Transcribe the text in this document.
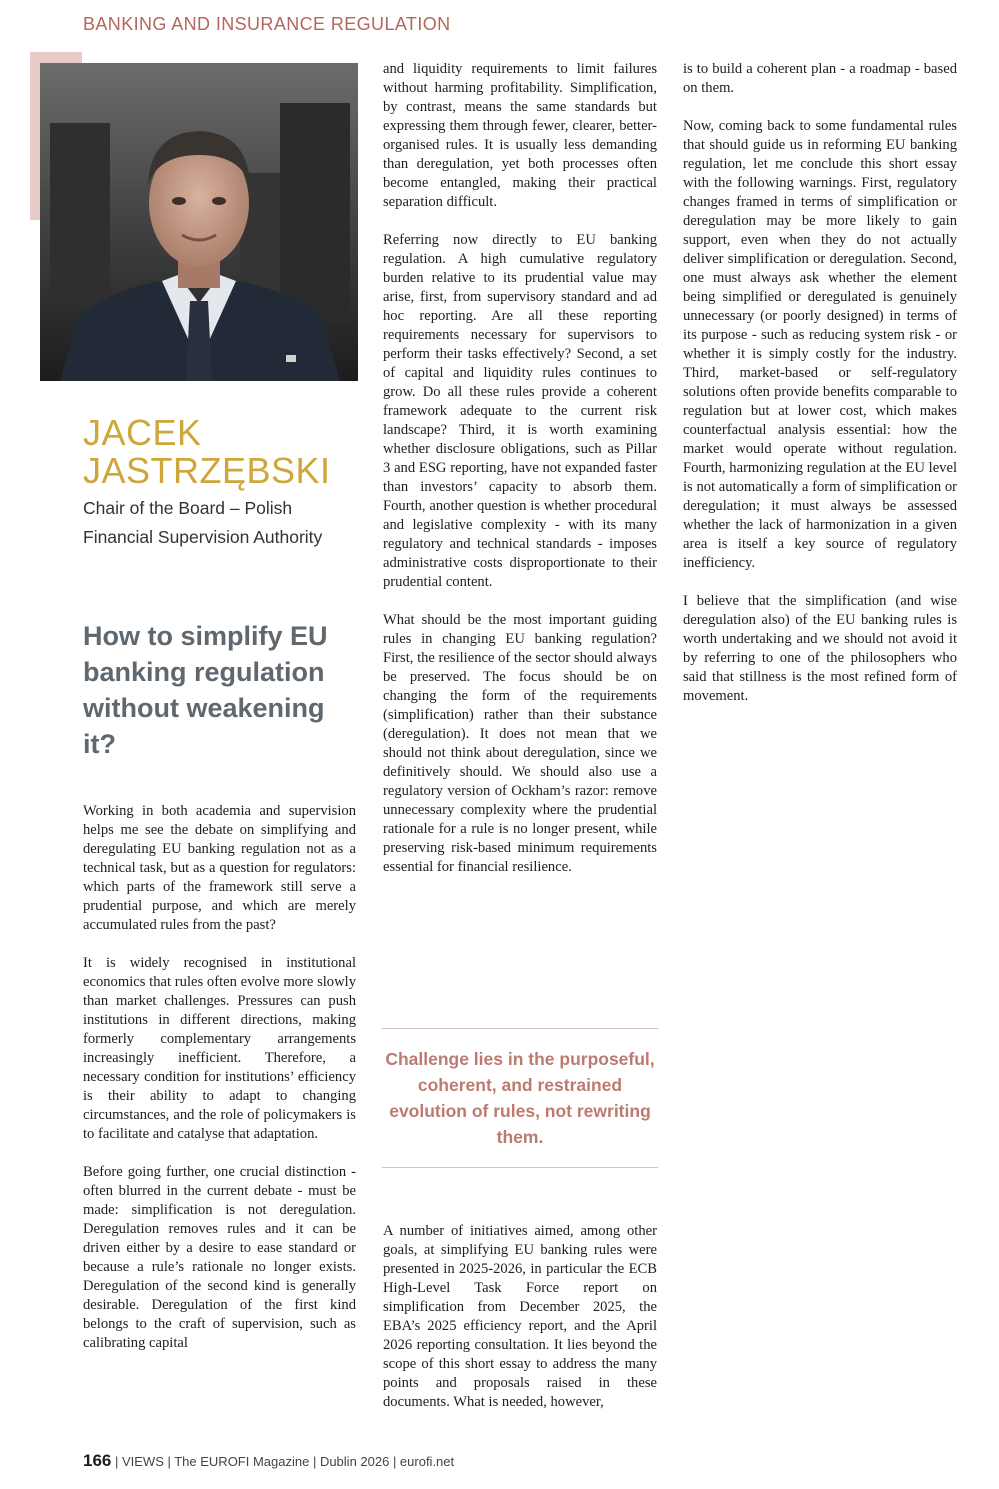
BANKING AND INSURANCE REGULATION
JACEK
JASTRZĘBSKI
Chair of the Board – Polish Financial Supervision Authority
How to simplify EU banking regulation without weakening it?

Working in both academia and supervision helps me see the debate on simplifying and deregulating EU banking regulation not as a technical task, but as a question for regulators: which parts of the framework still serve a prudential purpose, and which are merely accumulated rules from the past?

It is widely recognised in institutional economics that rules often evolve more slowly than market challenges. Pressures can push institutions in different directions, making formerly complementary arrangements increasingly inefficient. Therefore, a necessary condition for institutions’ efficiency is their ability to adapt to changing circumstances, and the role of policymakers is to facilitate and catalyse that adaptation.

Before going further, one crucial distinction - often blurred in the current debate - must be made: simplification is not deregulation. Deregulation removes rules and it can be driven either by a desire to ease standard or because a rule’s rationale no longer exists. Deregulation of the second kind is generally desirable. Deregulation of the first kind belongs to the craft of supervision, such as calibrating capital

and liquidity requirements to limit failures without harming profitability. Simplification, by contrast, means the same standards but expressing them through fewer, clearer, better-organised rules. It is usually less demanding than deregulation, yet both processes often become entangled, making their practical separation difficult.

Referring now directly to EU banking regulation. A high cumulative regulatory burden relative to its prudential value may arise, first, from supervisory standard and ad hoc reporting. Are all these reporting requirements necessary for supervisors to perform their tasks effectively? Second, a set of capital and liquidity rules continues to grow. Do all these rules provide a coherent framework adequate to the current risk landscape? Third, it is worth examining whether disclosure obligations, such as Pillar 3 and ESG reporting, have not expanded faster than investors’ capacity to absorb them. Fourth, another question is whether procedural and legislative complexity - with its many regulatory and technical standards - imposes administrative costs disproportionate to their prudential content.

What should be the most important guiding rules in changing EU banking regulation? First, the resilience of the sector should always be preserved. The focus should be on changing the form of the requirements (simplification) rather than their substance (deregulation). It does not mean that we should not think about deregulation, since we definitively should. We should also use a regulatory version of Ockham’s razor: remove unnecessary complexity where the prudential rationale for a rule is no longer present, while preserving risk-based minimum requirements essential for financial resilience.

Challenge lies in the purposeful, coherent, and restrained evolution of rules, not rewriting them.

A number of initiatives aimed, among other goals, at simplifying EU banking rules were presented in 2025-2026, in particular the ECB High-Level Task Force report on simplification from December 2025, the EBA’s 2025 efficiency report, and the April 2026 reporting consultation. It lies beyond the scope of this short essay to address the many points and proposals raised in these documents. What is needed, however,

is to build a coherent plan - a roadmap - based on them.

Now, coming back to some fundamental rules that should guide us in reforming EU banking regulation, let me conclude this short essay with the following warnings. First, regulatory changes framed in terms of simplification or deregulation may be more likely to gain support, even when they do not actually deliver simplification or deregulation. Second, one must always ask whether the element being simplified or deregulated is genuinely unnecessary (or poorly designed) in terms of its purpose - such as reducing system risk - or whether it is simply costly for the industry. Third, market-based or self-regulatory solutions often provide benefits comparable to regulation but at lower cost, which makes counterfactual analysis essential: how the market would operate without regulation. Fourth, harmonizing regulation at the EU level is not automatically a form of simplification or deregulation; it must always be assessed whether the lack of harmonization in a given area is itself a key source of regulatory inefficiency.

I believe that the simplification (and wise deregulation also) of the EU banking rules is worth undertaking and we should not avoid it by referring to one of the philosophers who said that stillness is the most refined form of movement.

166 | VIEWS | The EUROFI Magazine | Dublin 2026 | eurofi.net
